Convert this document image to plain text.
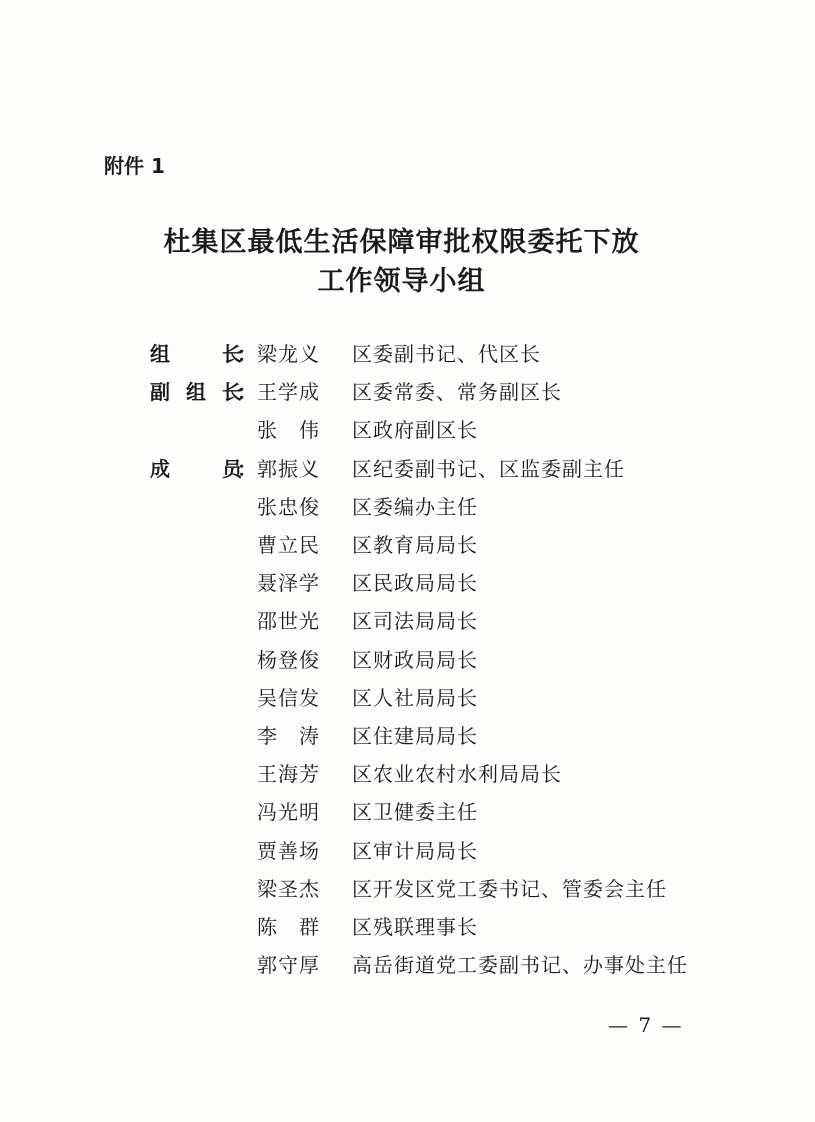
附件 1
杜集区最低生活保障审批权限委托下放
工作领导小组
组	长
： 梁 龙 义 区委副书记、代区长
副 组 长
： 王 学 成 区委常委、常务副区长
张 伟 区政府副区长
成	员
： 郭 振 义 区纪委副书记、区监委副主任
张 忠 俊 区委编办主任
曹 立 民 区教育局局长
聂 泽 学 区民政局局长
邵 世 光 区司法局局长
杨 登 俊 区财政局局长
吴 信 发 区人社局局长
李 涛 区住建局局长
王 海 芳 区农业农村水利局局长
冯 光 明 区卫健委主任
贾 善 场 区审计局局长
梁 圣 杰 区开发区党工委书记、管委会主任
陈 群 区残联理事长
郭 守 厚 高岳街道党工委副书记、办事处主任
— 7 —
